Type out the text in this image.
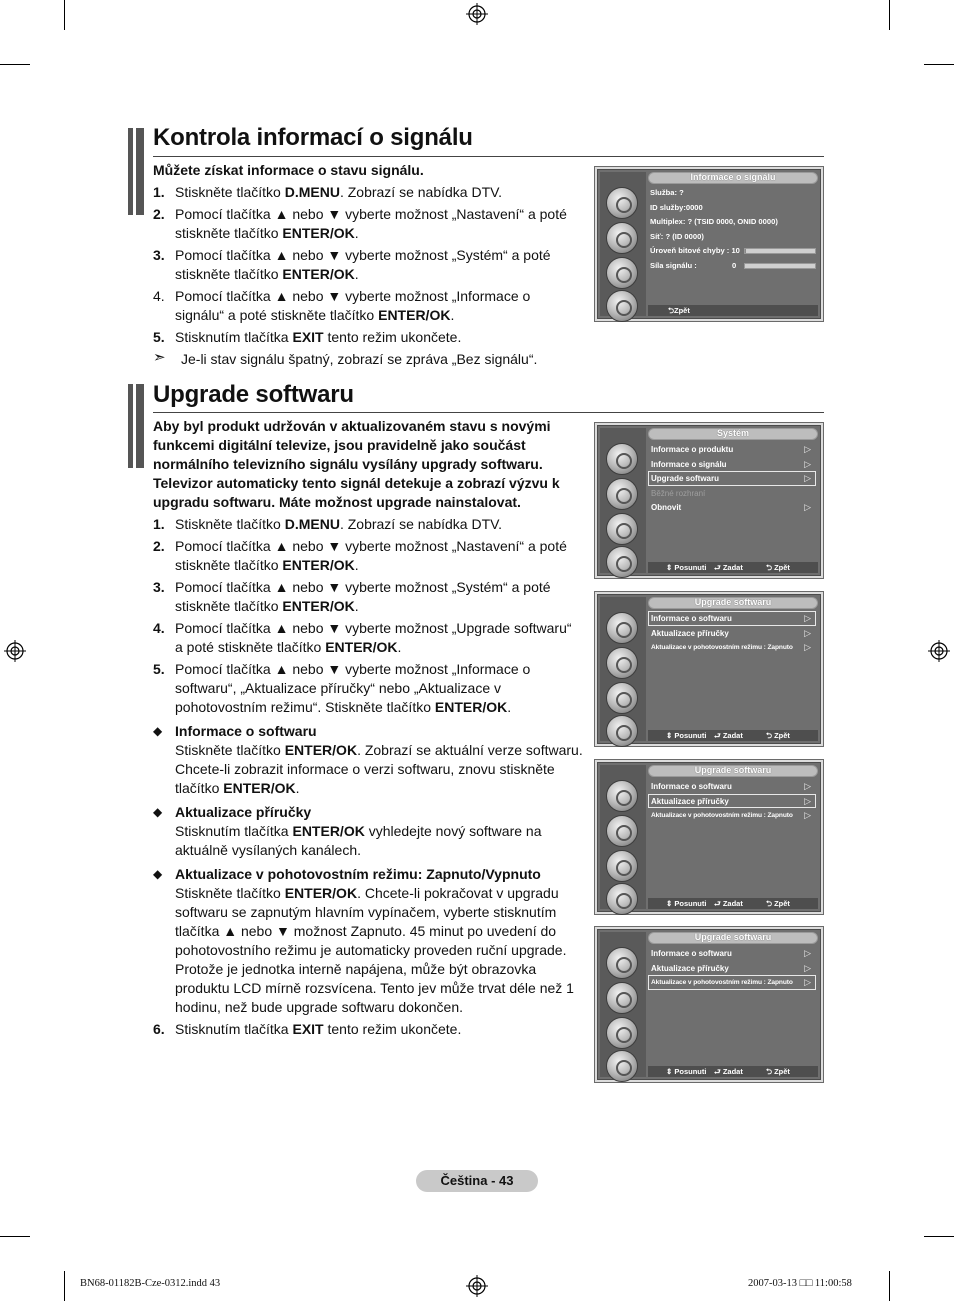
Kontrola informací o signálu
Můžete získat informace o stavu signálu.
1. Stiskněte tlačítko D.MENU. Zobrazí se nabídka DTV.
2. Pomocí tlačítka ▲ nebo ▼ vyberte možnost „Nastavení“ a poté stiskněte tlačítko ENTER/OK.
3. Pomocí tlačítka ▲ nebo ▼ vyberte možnost „Systém“ a poté stiskněte tlačítko ENTER/OK.
4. Pomocí tlačítka ▲ nebo ▼ vyberte možnost „Informace o signálu“ a poté stiskněte tlačítko ENTER/OK.
5. Stisknutím tlačítka EXIT tento režim ukončete.
➣ Je-li stav signálu špatný, zobrazí se zpráva „Bez signálu“.
Informace o signálu
Služba: ?
ID služby:0000
Multiplex: ? (TSID 0000, ONID 0000)
Síť: ? (ID 0000)
Úroveň bitové chyby : 10
Síla signálu :	0
⮌ Zpět
Upgrade softwaru
Aby byl produkt udržován v aktualizovaném stavu s novými funkcemi digitální televize, jsou pravidelně jako součást normálního televizního signálu vysílány upgrady softwaru. Televizor automaticky tento signál detekuje a zobrazí výzvu k upgradu softwaru. Máte možnost upgrade nainstalovat.
1. Stiskněte tlačítko D.MENU. Zobrazí se nabídka DTV.
2. Pomocí tlačítka ▲ nebo ▼ vyberte možnost „Nastavení“ a poté stiskněte tlačítko ENTER/OK.
3. Pomocí tlačítka ▲ nebo ▼ vyberte možnost „Systém“ a poté stiskněte tlačítko ENTER/OK.
4. Pomocí tlačítka ▲ nebo ▼ vyberte možnost „Upgrade softwaru“ a poté stiskněte tlačítko ENTER/OK.
5. Pomocí tlačítka ▲ nebo ▼ vyberte možnost „Informace o softwaru“, „Aktualizace příručky“ nebo „Aktualizace v pohotovostním režimu“. Stiskněte tlačítko ENTER/OK.
◆ Informace o softwaru
Stiskněte tlačítko ENTER/OK. Zobrazí se aktuální verze softwaru. Chcete-li zobrazit informace o verzi softwaru, znovu stiskněte tlačítko ENTER/OK.
◆ Aktualizace příručky
Stisknutím tlačítka ENTER/OK vyhledejte nový software na aktuálně vysílaných kanálech.
◆ Aktualizace v pohotovostním režimu: Zapnuto/Vypnuto
Stiskněte tlačítko ENTER/OK. Chcete-li pokračovat v upgradu softwaru se zapnutým hlavním vypínačem, vyberte stisknutím tlačítka ▲ nebo ▼ možnost Zapnuto. 45 minut po uvedení do pohotovostního režimu je automaticky proveden ruční upgrade. Protože je jednotka interně napájena, může být obrazovka produktu LCD mírně rozsvícena. Tento jev může trvat déle než 1 hodinu, než bude upgrade softwaru dokončen.
6. Stisknutím tlačítka EXIT tento režim ukončete.
Systém
Informace o produktu	▷
Informace o signálu	▷
Upgrade softwaru	▷
Běžné rozhraní
Obnovit	▷
⇕ Posunuti ⮐ Zadat	⮌ Zpět
Upgrade softwaru
Informace o softwaru	▷
Aktualizace příručky	▷
Aktualizace v pohotovostním režimu : Zapnuto ▷
⇕ Posunuti ⮐ Zadat	⮌ Zpět
Upgrade softwaru
Informace o softwaru	▷
Aktualizace příručky	▷
Aktualizace v pohotovostním režimu : Zapnuto ▷
⇕ Posunuti ⮐ Zadat	⮌ Zpět
Upgrade softwaru
Informace o softwaru	▷
Aktualizace příručky	▷
Aktualizace v pohotovostním režimu : Zapnuto ▷
⇕ Posunuti ⮐ Zadat	⮌ Zpět
Čeština - 43
BN68-01182B-Cze-0312.indd 43	2007-03-13 □□ 11:00:58
